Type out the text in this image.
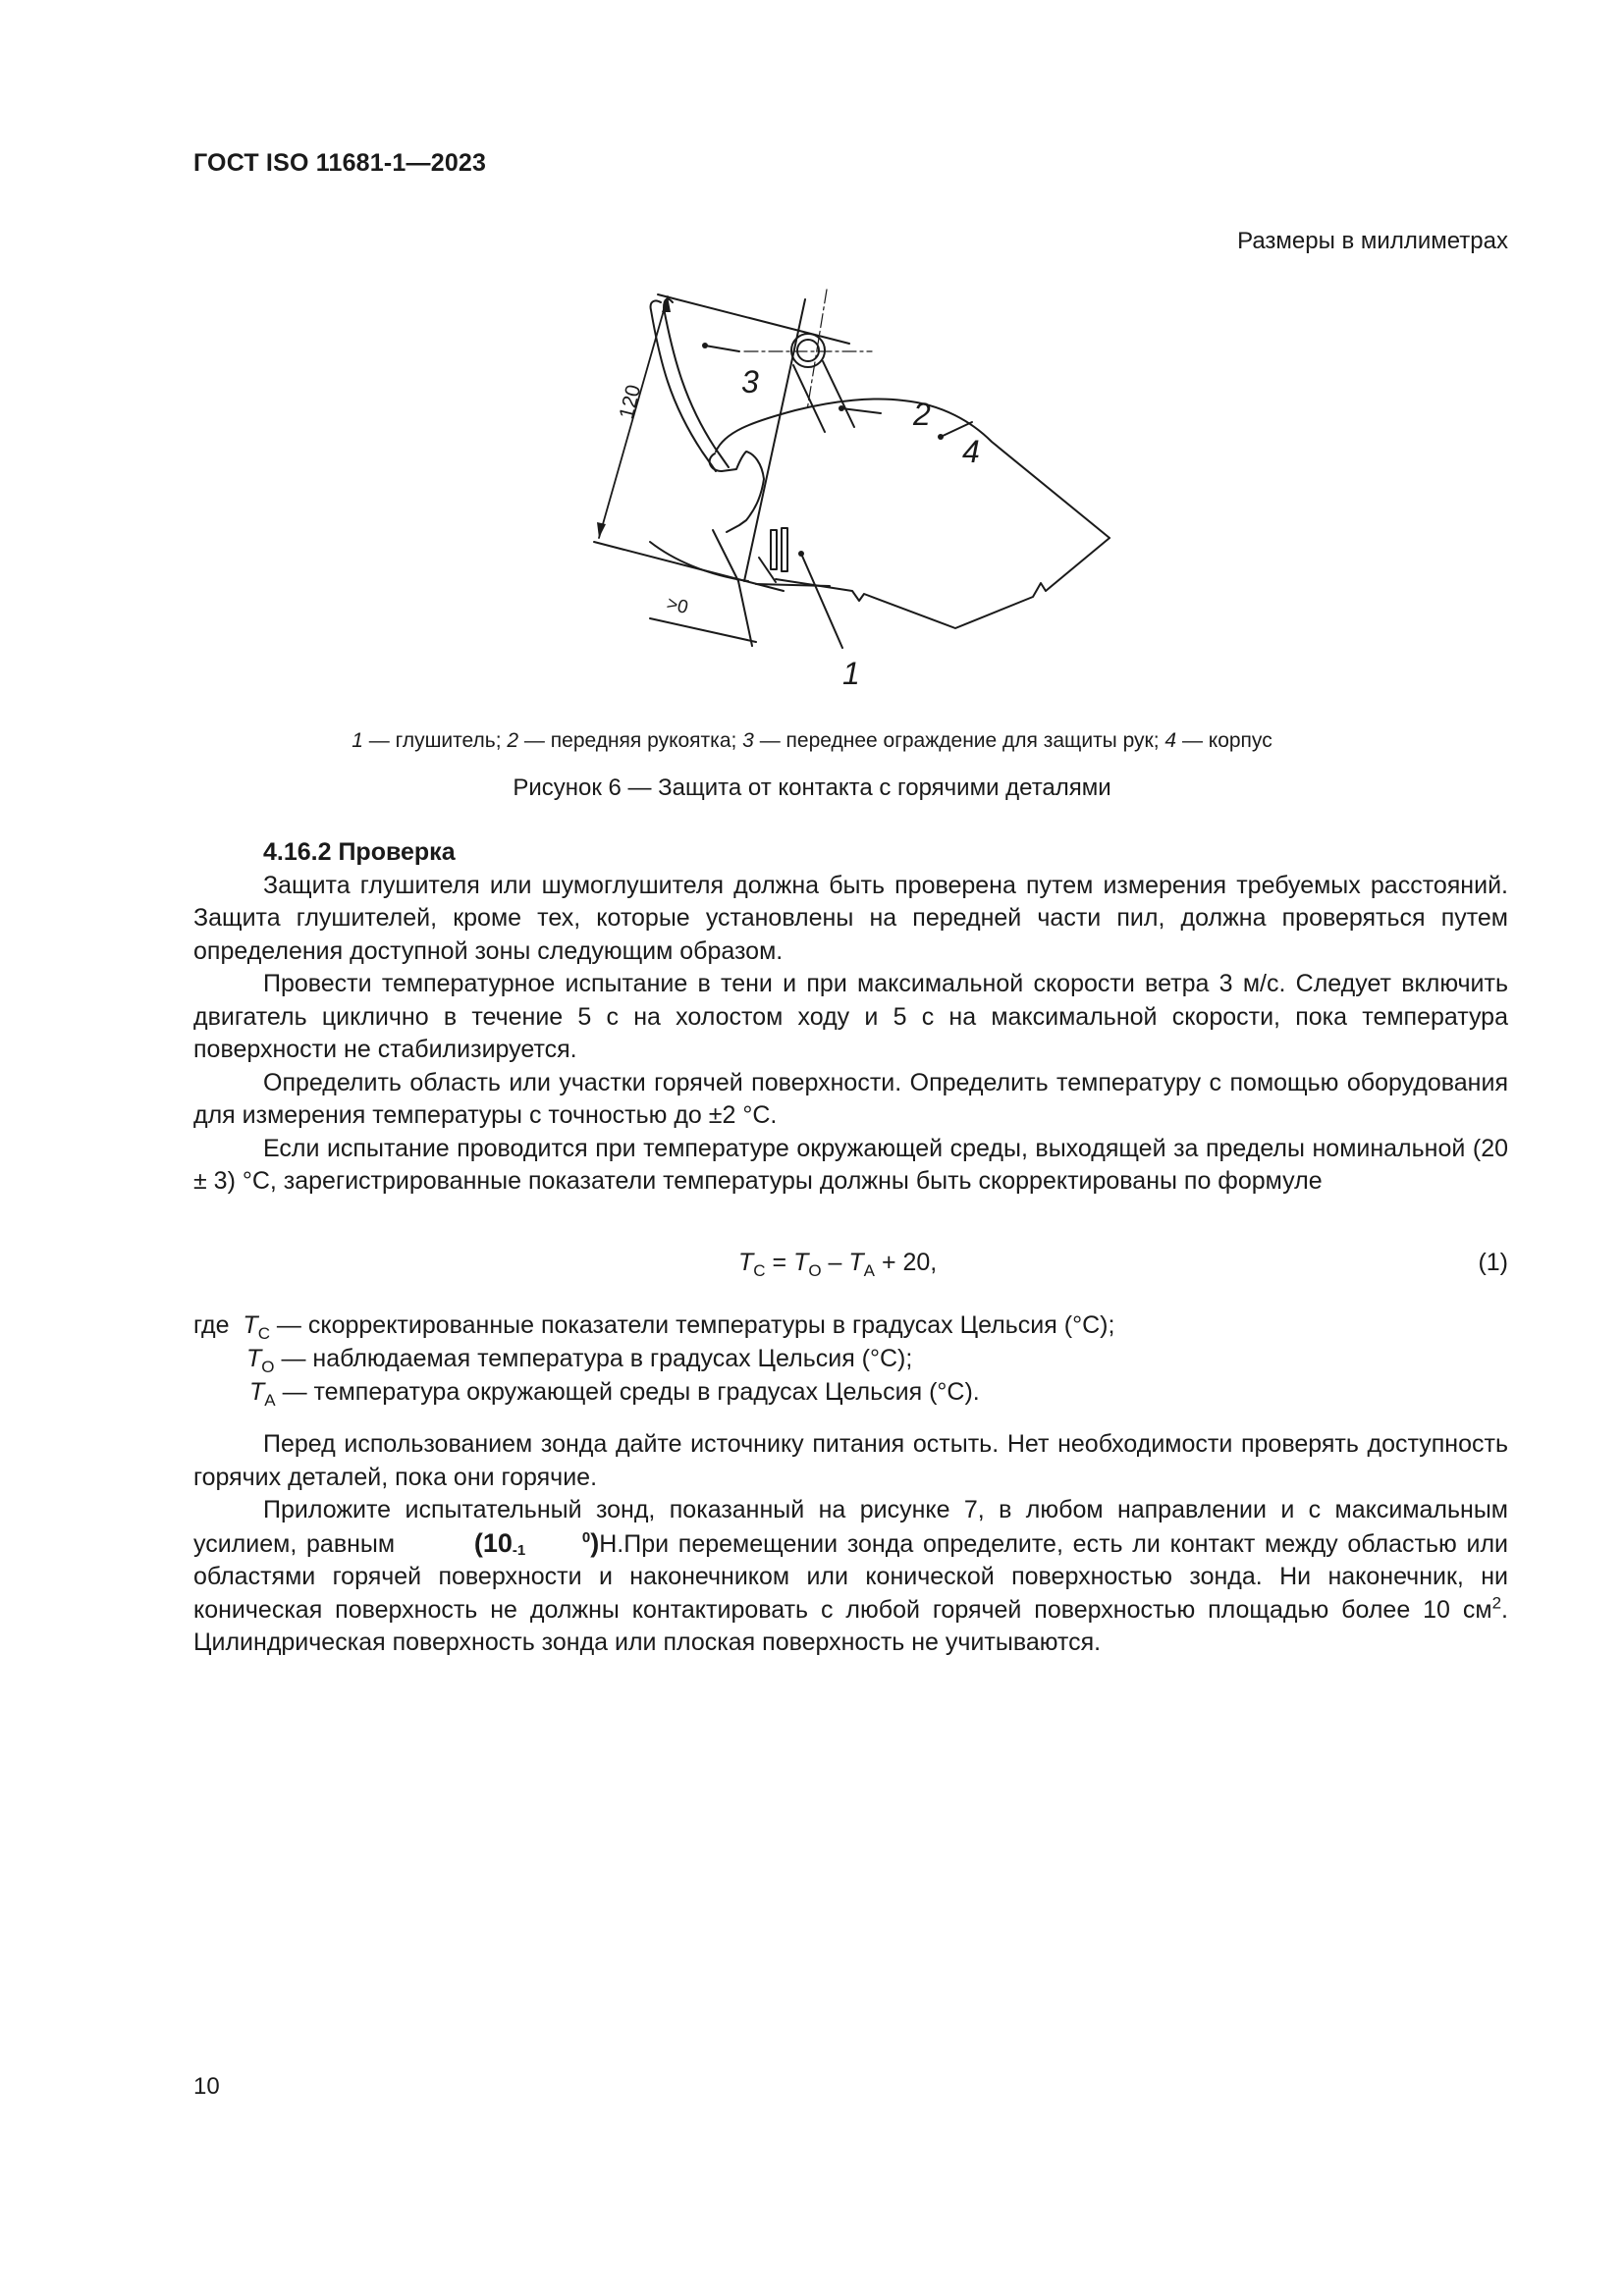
ГОСТ ISO 11681-1—2023
Размеры в миллиметрах
120
>0
3
2
4
1
1 — глушитель; 2 — передняя рукоятка; 3 — переднее ограждение для защиты рук; 4 — корпус
Рисунок 6 — Защита от контакта с горячими деталями

4.16.2 Проверка

Защита глушителя или шумоглушителя должна быть проверена путем измерения требуемых расстояний. Защита глушителей, кроме тех, которые установлены на передней части пил, должна проверяться путем определения доступной зоны следующим образом.

Провести температурное испытание в тени и при максимальной скорости ветра 3 м/с. Следует включить двигатель циклично в течение 5 с на холостом ходу и 5 с на максимальной скорости, пока температура поверхности не стабилизируется.

Определить область или участки горячей поверхности. Определить температуру с помощью оборудования для измерения температуры с точностью до ±2 °С.

Если испытание проводится при температуре окружающей среды, выходящей за пределы номинальной (20 ± 3) °С, зарегистрированные показатели температуры должны быть скорректированы по формуле

$T_С = T_О - T_А + 20$,	(1)
где $T_С$ — скорректированные показатели температуры в градусах Цельсия (°С);
$T_О$ — наблюдаемая температура в градусах Цельсия (°С);
$T_А$ — температура окружающей среды в градусах Цельсия (°С).

Перед использованием зонда дайте источнику питания остыть. Нет необходимости проверять доступность горячих деталей, пока они горячие.

Приложите испытательный зонд, показанный на рисунке 7, в любом направлении и с максимальным усилием, равным	(10	0
-1 )Н.При перемещении зонда определите, есть ли контакт между областью или областями горячей поверхности и наконечником или конической поверхностью зонда. Ни наконечник, ни коническая поверхность не должны контактировать с любой горячей поверхностью площадью более 10 $см^2$. Цилиндрическая поверхность зонда или плоская поверхность не учитываются.

10
